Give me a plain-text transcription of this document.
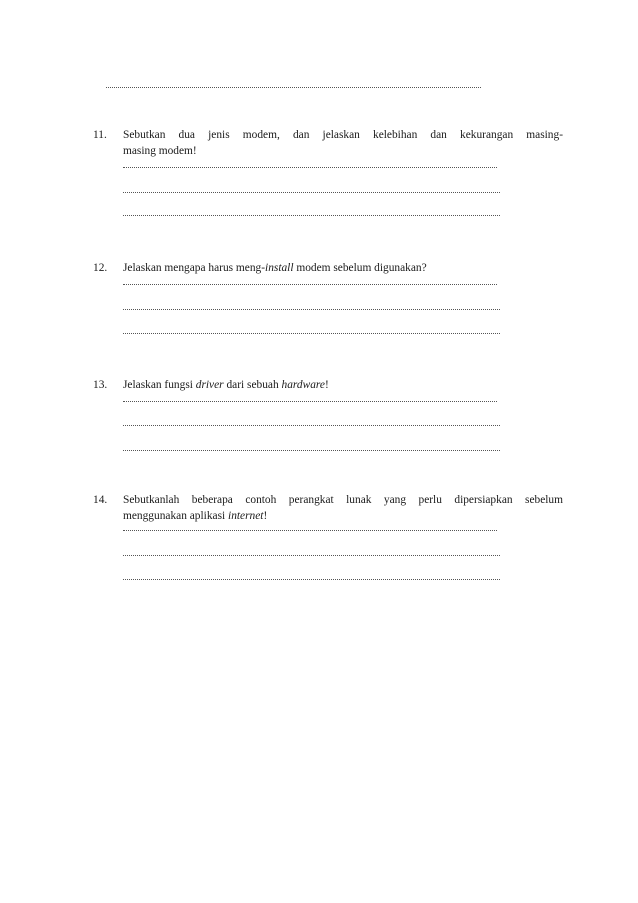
11. Sebutkan dua jenis modem, dan jelaskan kelebihan dan kekurangan masing-
masing modem!
12. Jelaskan mengapa harus meng-install modem sebelum digunakan?
13. Jelaskan fungsi driver dari sebuah hardware!
14. Sebutkanlah beberapa contoh perangkat lunak yang perlu dipersiapkan sebelum
menggunakan aplikasi internet!
